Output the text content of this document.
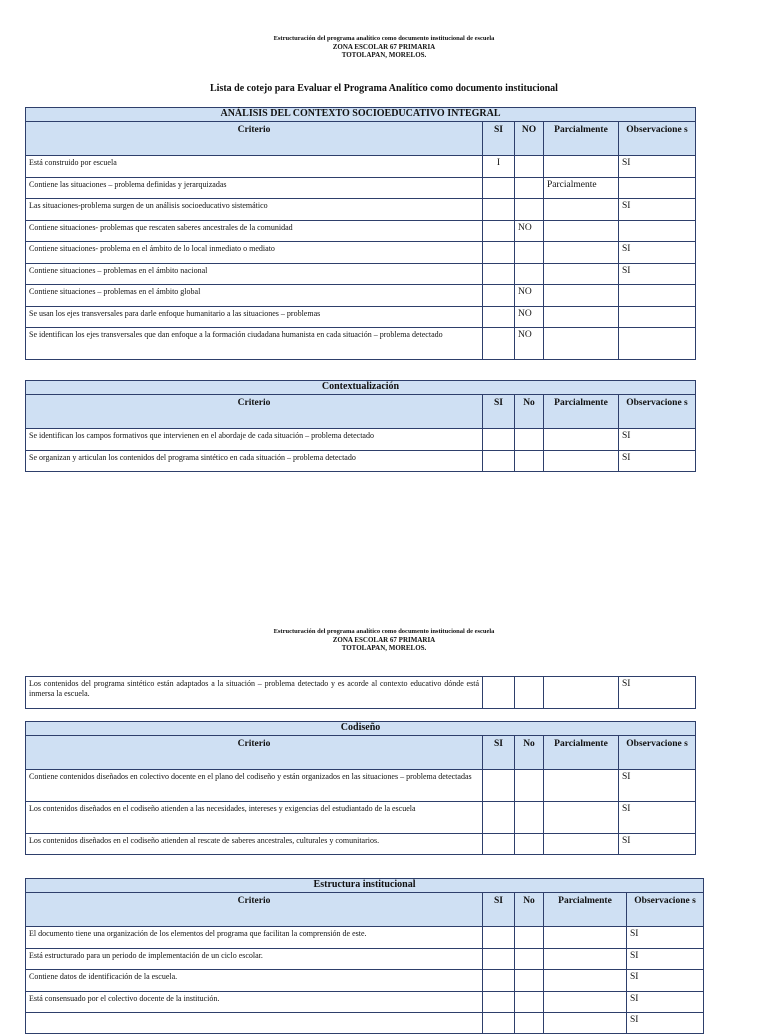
Estructuración del programa analítico como documento institucional de escuela
ZONA ESCOLAR 67 PRIMARIA
TOTOLAPAN, MORELOS.
Lista de cotejo para Evaluar el Programa Analítico como documento institucional
ANÁLISIS DEL CONTEXTO SOCIOEDUCATIVO INTEGRAL				
Criterio	SI	NO	Parcialmente	Observacione s
Está construido por escuela	I			SI
Contiene las situaciones – problema definidas y jerarquizadas			Parcialmente	
Las situaciones-problema surgen de un análisis socioeducativo sistemático				SI
Contiene situaciones- problemas que rescaten saberes ancestrales de la comunidad		NO		
Contiene situaciones- problema en el ámbito de lo local inmediato o mediato				SI
Contiene situaciones – problemas en el ámbito nacional				SI
Contiene situaciones – problemas en el ámbito global		NO		
Se usan los ejes transversales para darle enfoque humanitario a las situaciones – problemas		NO		
Se identifican los ejes transversales que dan enfoque a la formación ciudadana humanista en cada situación – problema detectado		NO		
Contextualización				
Criterio	SI	No	Parcialmente	Observacione s
Se identifican los campos formativos que intervienen en el abordaje de cada situación – problema detectado				SI
Se organizan y articulan los contenidos del programa sintético en cada situación – problema detectado				SI
Estructuración del programa analítico como documento institucional de escuela
ZONA ESCOLAR 67 PRIMARIA
TOTOLAPAN, MORELOS.
Los contenidos del programa sintético están adaptados a la situación – problema detectado y es acorde al contexto educativo dónde está inmersa la escuela.				SI
Codiseño				
Criterio	SI	No	Parcialmente	Observacione s
Contiene contenidos diseñados en colectivo docente en el plano del codiseño y están organizados en las situaciones – problema detectadas				SI
Los contenidos diseñados en el codiseño atienden a las necesidades, intereses y exigencias del estudiantado de la escuela				SI
Los contenidos diseñados en el codiseño atienden al rescate de saberes ancestrales, culturales y comunitarios.				SI
Estructura institucional				
Criterio	SI	No	Parcialmente	Observacione s
El documento tiene una organización de los elementos del programa que facilitan la comprensión de este.				SI
Está estructurado para un periodo de implementación de un ciclo escolar.				SI
Contiene datos de identificación de la escuela.				SI
Está consensuado por el colectivo docente de la institución.				SI
				SI
